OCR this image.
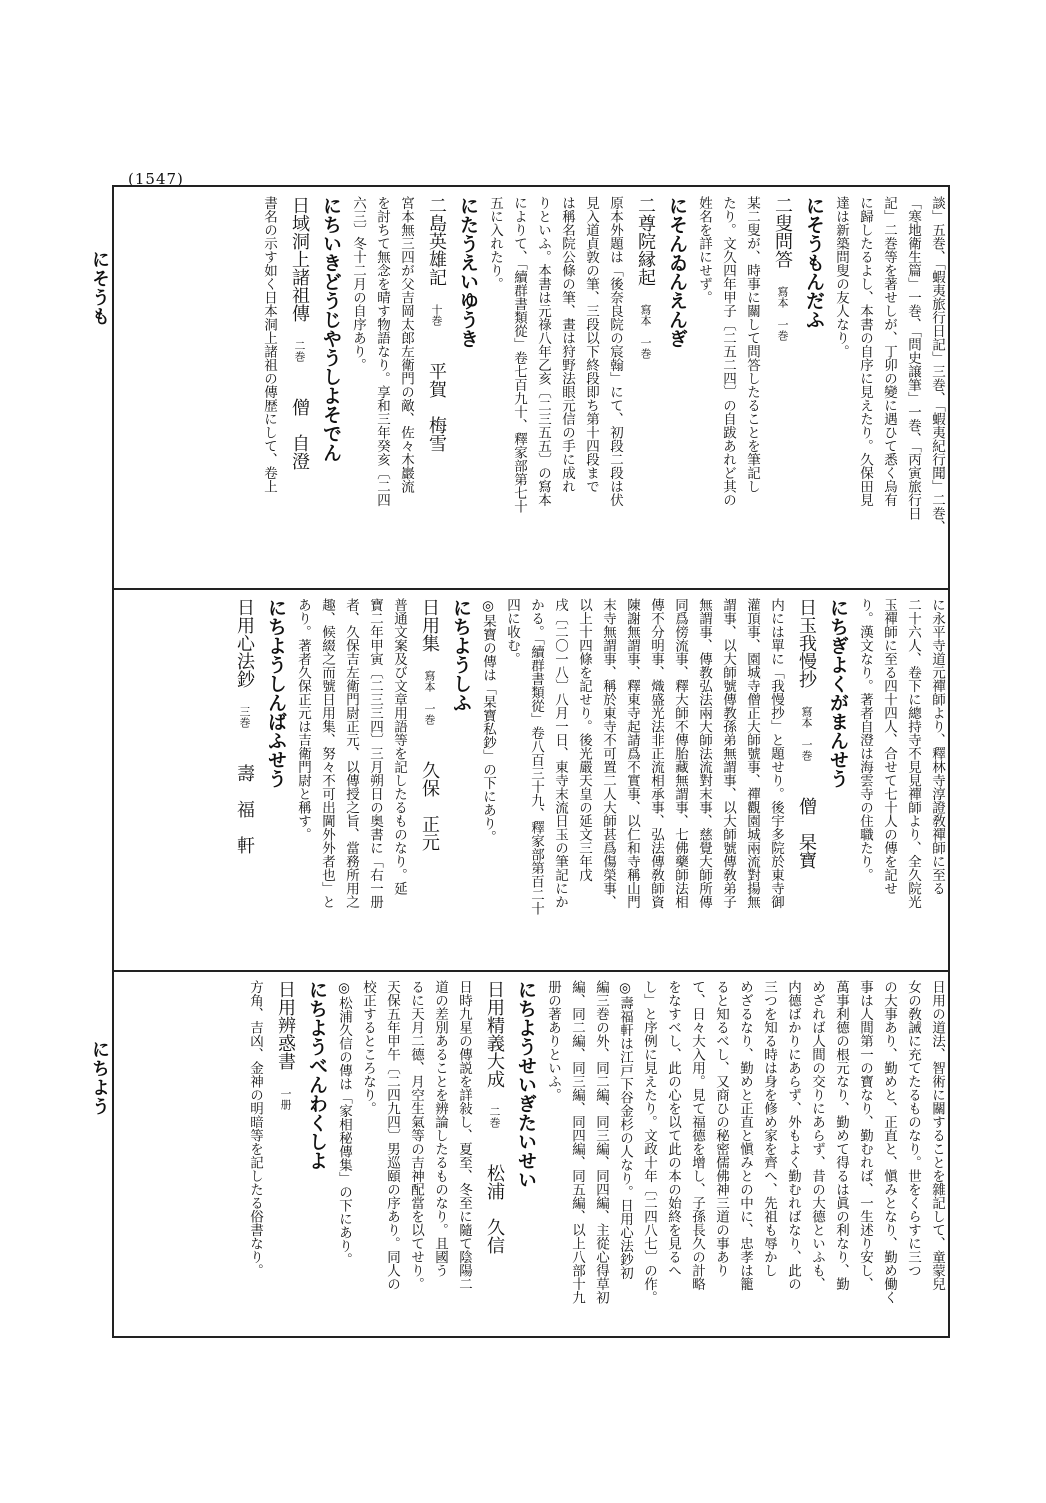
(1547)
にそうも
にちよう
談」五巻、「蝦夷旅行日記」三巻、「蝦夷紀行聞」二巻、
「寒地衛生篇」一巻、「問史譲筆」一巻、「丙寅旅行日
記」二巻等を著せしが、丁卯の變に遇ひて悉く烏有
に歸したるよし、本書の自序に見えたり。久保田見
達は新築問叟の友人なり。
にそうもんだふ
二叟問答　寫本　一巻
某二叟が、時事に關して問答したることを筆記し
たり。文久四年甲子〔二五二四〕の自跋あれど其の
姓名を詳にせず。
にそんゐんえんぎ
二尊院縁起　寫本　一巻
原本外題は「後奈良院の宸翰」にて、初段二段は伏
見入道貞敦の筆、三段以下終段即ち第十四段まで
は稱名院公條の筆、畫は狩野法眼元信の手に成れ
りといふ。本書は元祿八年乙亥〔二三五五〕の寫本
によりて、「續群書類從」卷七百九十、釋家部第七十
五に入れたり。
にたうえいゆうき
二島英雄記　十巻　　平賀　梅雪
宮本無三四が父吉岡太郎左衛門の敵、佐々木巖流
を討ちて無念を晴す物語なり。享和三年癸亥〔二四
六三〕冬十二月の自序あり。
にちいきどうじやうしよそでん
日域洞上諸祖傳　二巻　　僧　自澄
書名の示す如く日本洞上諸祖の傳歴にして、卷上
に永平寺道元禪師より、釋林寺淳證敎禪師に至る
二十六人、卷下に總持寺不見見禪師より、全久院光
玉禪師に至る四十四人、合せて七十人の傳を記せ
り。漢文なり。著者自澄は海雲寺の住職たり。
にちぎよくがまんせう
日玉我慢抄　寫本　一巻　　僧　杲寶
内には單に「我慢抄」と題せり。後宇多院於東寺御
灌頂事、園城寺僧正大師號事、禪觀園城兩流對揚無
謂事、以大師號傳教孫弟無謂事、以大師號傳敎弟子
無謂事、傳教弘法兩大師法流對末事、慈覺大師所傳
同爲傍流事、釋大師不傳胎藏無謂事、七佛藥師法相
傳不分明事、熾盛光法非正流相承事、弘法傳敎師資
陳謝無謂事、釋東寺起請爲不實事、以仁和寺稱山門
末寺無謂事、稱於東寺不可置二人大師甚爲傷榮事、
以上十四條を記せり。後光嚴天皇の延文三年戊
戌〔二〇一八〕八月一日、東寺末流日玉の筆記にか
かる。「續群書類從」卷八百三十九、釋家部第百二十
四に收む。
◎杲寶の傳は「杲寶私鈔」の下にあり。
にちようしふ
日用集　寫本　一巻　　久保　正元
普通文案及び文章用語等を記したるものなり。延
寶二年甲寅〔二三三四〕三月朔日の奥書に「右一册
者、久保吉左衛門尉正元、以傳授之旨、當務所用之
趣、候綴之而號日用集、努々不可出閫外外者也」と
あり。著者久保正元は吉衛門尉と稱す。
にちようしんばふせう
日用心法鈔　三巻　　壽　福　軒
日用の道法、智術に關することを雜記して、童蒙兒
女の敎誡に充てたるものなり。世をくらすに三つ
の大事あり、勤めと、正直と、愼みとなり、勤め働く
事は人間第一の寶なり、勤むれば、一生述り安し、
萬事利德の根元なり、勤めて得るは眞の利なり、勤
めざれば人間の交りにあらず、昔の大德といふも、
内德ばかりにあらず、外もよく勤むればなり、此の
三つを知る時は身を修め家を齊へ、先祖も辱かし
めざるなり、勤めと正直と愼みとの中に、忠孝は籠
ると知るべし、又商ひの秘密儒佛神三道の事あり
て、日々大入用。見て福德を增し、子孫長久の計略
をなすべし、此の心を以て此の本の始終を見るへ
し」と序例に見えたり。文政十年〔二四八七〕の作。
◎壽福軒は江戸下谷金杉の人なり。日用心法鈔初
編三巻の外、同二編、同三編、同四編、主從心得草初
編、同二編、同三編、同四編、同五編、以上八部十九
册の著ありといふ。
にちようせいぎたいせい
日用精義大成　二巻　　松浦　久信
日時九星の傳説を詳敍し、夏至、冬至に隨て陰陽二
道の差別あることを辨論したるものなり。且國う
るに天月二德、月空生氣等の吉神配當を以てせり。
天保五年甲午〔二四九四〕男巡頤の序あり。同人の
校正するところなり。
◎松浦久信の傳は「家相秘傳集」の下にあり。
にちようべんわくしよ
日用辨惑書　一册
方角、吉凶、金神の明暗等を記したる俗書なり。
